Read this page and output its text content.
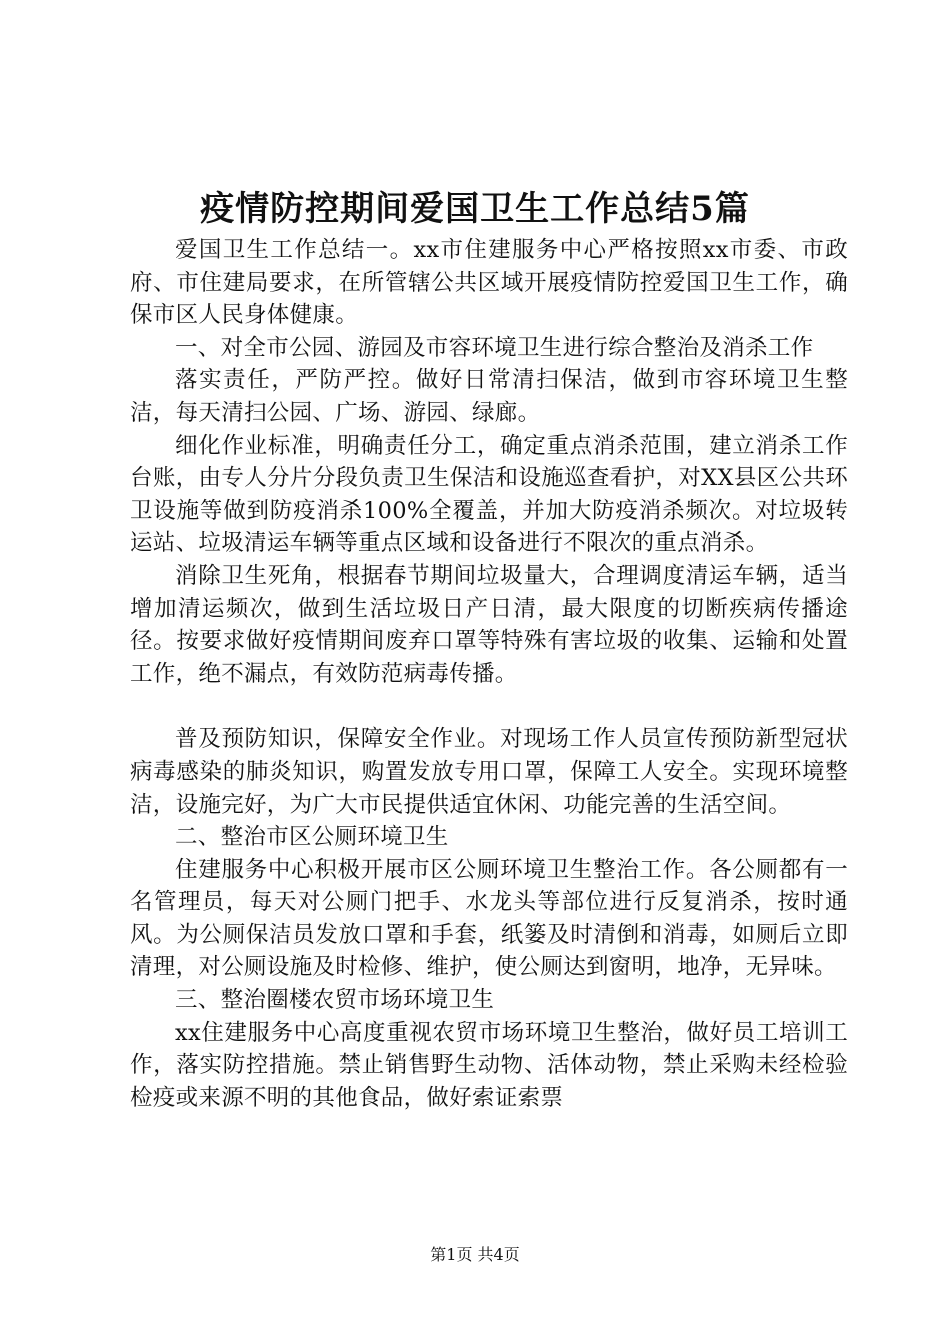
疫情防控期间爱国卫生工作总结5篇

爱国卫生工作总结一。xx市住建服务中心严格按照xx市委、市政府、市住建局要求，在所管辖公共区域开展疫情防控爱国卫生工作，确保市区人民身体健康。

一、对全市公园、游园及市容环境卫生进行综合整治及消杀工作

落实责任，严防严控。做好日常清扫保洁，做到市容环境卫生整洁，每天清扫公园、广场、游园、绿廊。

细化作业标准，明确责任分工，确定重点消杀范围，建立消杀工作台账，由专人分片分段负责卫生保洁和设施巡查看护，对XX县区公共环卫设施等做到防疫消杀100%全覆盖，并加大防疫消杀频次。对垃圾转运站、垃圾清运车辆等重点区域和设备进行不限次的重点消杀。

消除卫生死角，根据春节期间垃圾量大，合理调度清运车辆，适当增加清运频次，做到生活垃圾日产日清，最大限度的切断疾病传播途径。按要求做好疫情期间废弃口罩等特殊有害垃圾的收集、运输和处置工作，绝不漏点，有效防范病毒传播。

普及预防知识，保障安全作业。对现场工作人员宣传预防新型冠状病毒感染的肺炎知识，购置发放专用口罩，保障工人安全。实现环境整洁，设施完好，为广大市民提供适宜休闲、功能完善的生活空间。

二、整治市区公厕环境卫生

住建服务中心积极开展市区公厕环境卫生整治工作。各公厕都有一名管理员，每天对公厕门把手、水龙头等部位进行反复消杀，按时通风。为公厕保洁员发放口罩和手套，纸篓及时清倒和消毒，如厕后立即清理，对公厕设施及时检修、维护，使公厕达到窗明，地净，无异味。

三、整治圈楼农贸市场环境卫生

xx住建服务中心高度重视农贸市场环境卫生整治，做好员工培训工作，落实防控措施。禁止销售野生动物、活体动物，禁止采购未经检验检疫或来源不明的其他食品，做好索证索票

第1页 共4页
